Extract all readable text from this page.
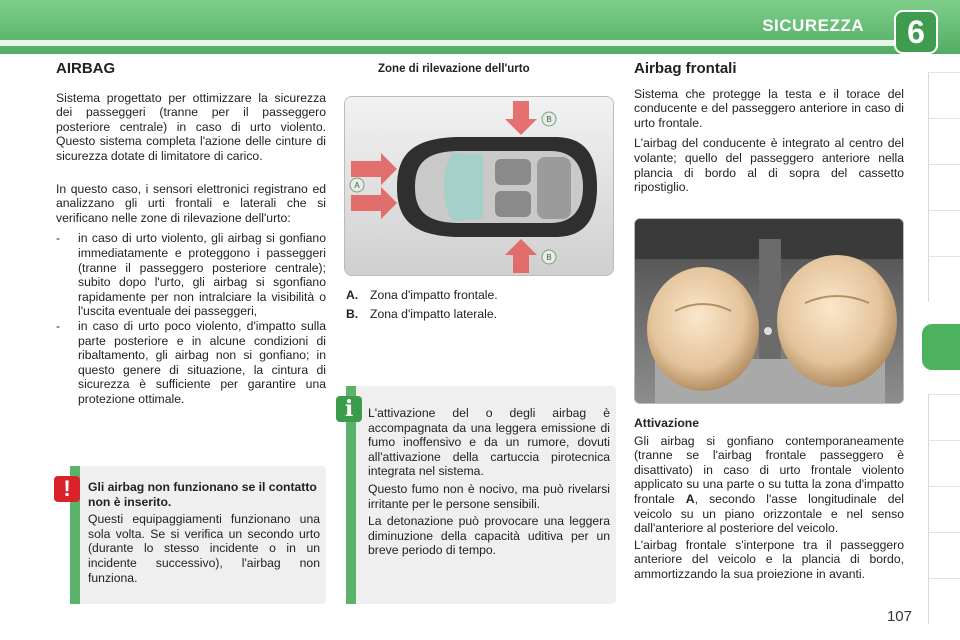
SICUREZZA	6
AIRBAG
Sistema progettato per ottimizzare la sicurezza dei passeggeri (tranne per il passeggero posteriore centrale) in caso di urto violento. Questo sistema completa l'azione delle cinture di sicurezza dotate di limitatore di carico.
In questo caso, i sensori elettronici registrano ed analizzano gli urti frontali e laterali che si verificano nelle zone di rilevazione dell'urto:
-	in caso di urto violento, gli airbag si gonfiano immediatamente e proteggono i passeggeri (tranne il passeggero posteriore centrale); subito dopo l'urto, gli airbag si sgonfiano rapidamente per non intralciare la visibilità o l'uscita eventuale dei passeggeri,
-	in caso di urto poco violento, d'impatto sulla parte posteriore e in alcune condizioni di ribaltamento, gli airbag non si gonfiano; in questo genere di situazione, la cintura di sicurezza è sufficiente per garantire una protezione ottimale.
Gli airbag non funzionano se il contatto non è inserito.
Questi equipaggiamenti funzionano una sola volta. Se si verifica un secondo urto (durante lo stesso incidente o in un incidente successivo), l'airbag non funziona.
!
Zone di rilevazione dell'urto
A
B
B
A. Zona d'impatto frontale.
B. Zona d'impatto laterale.
L'attivazione del o degli airbag è accompagnata da una leggera emissione di fumo inoffensivo e da un rumore, dovuti all'attivazione della cartuccia pirotecnica integrata nel sistema.
Questo fumo non è nocivo, ma può rivelarsi irritante per le persone sensibili.
La detonazione può provocare una leggera diminuzione della capacità uditiva per un breve periodo di tempo.
i
Airbag frontali
Sistema che protegge la testa e il torace del conducente e del passeggero anteriore in caso di urto frontale.
L'airbag del conducente è integrato al centro del volante; quello del passeggero anteriore nella plancia di bordo al di sopra del cassetto ripostiglio.
Attivazione
Gli airbag si gonfiano contemporaneamente (tranne se l'airbag frontale passeggero è disattivato) in caso di urto frontale violento applicato su una parte o su tutta la zona d'impatto frontale A, secondo l'asse longitudinale del veicolo su un piano orizzontale e nel senso dall'anteriore al posteriore del veicolo.
L'airbag frontale s'interpone tra il passeggero anteriore del veicolo e la plancia di bordo, ammortizzando la sua proiezione in avanti.
107
